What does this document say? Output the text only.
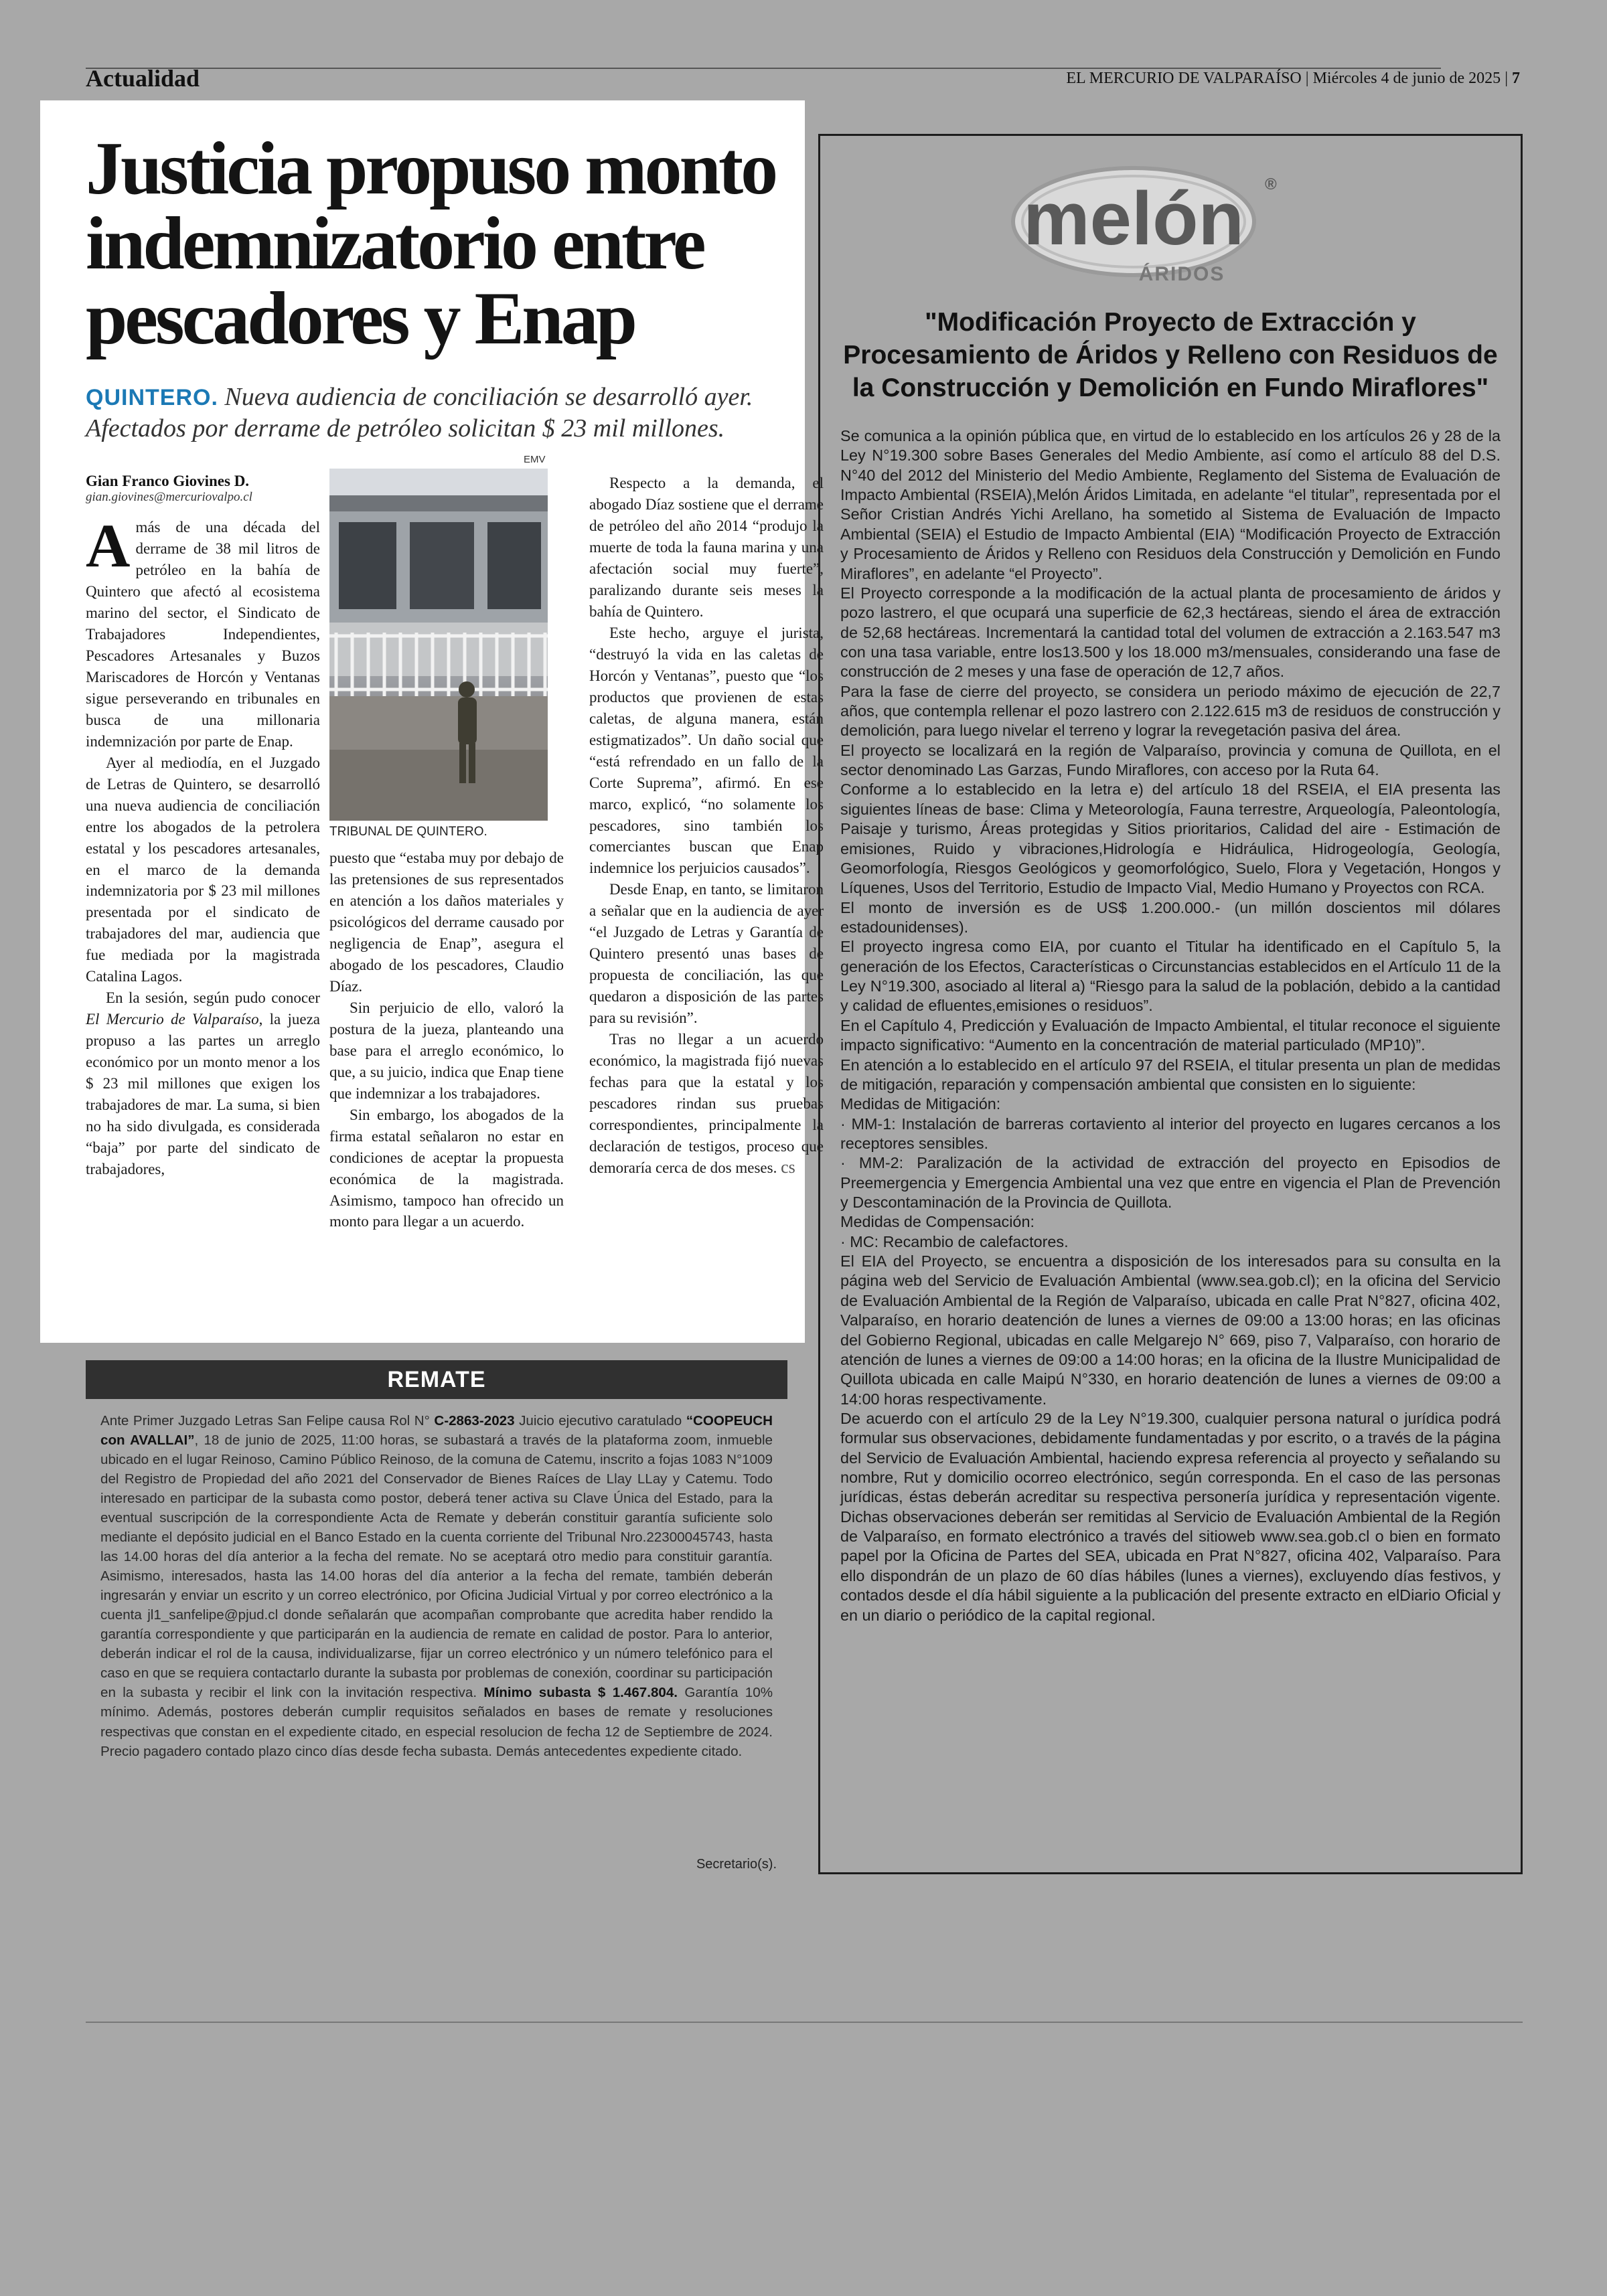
Actualidad	EL MERCURIO DE VALPARAÍSO | Miércoles 4 de junio de 2025 | 7
Justicia propuso monto indemnizatorio entre pescadores y Enap
QUINTERO. Nueva audiencia de conciliación se desarrolló ayer. Afectados por derrame de petróleo solicitan $ 23 mil millones.

Gian Franco Giovines D.

gian.giovines@mercuriovalpo.cl

Amás de una década del derrame de 38 mil litros de petróleo en la bahía de Quintero que afectó al ecosistema marino del sector, el Sindicato de Trabajadores Independientes, Pescadores Artesanales y Buzos Mariscadores de Horcón y Ventanas sigue perseverando en tribunales en busca de una millonaria indemnización por parte de Enap.

Ayer al mediodía, en el Juzgado de Letras de Quintero, se desarrolló una nueva audiencia de conciliación entre los abogados de la petrolera estatal y los pescadores artesanales, en el marco de la demanda indemnizatoria por $ 23 mil millones presentada por el sindicato de trabajadores del mar, audiencia que fue mediada por la magistrada Catalina Lagos.

En la sesión, según pudo conocer El Mercurio de Valparaíso, la jueza propuso a las partes un arreglo económico por un monto menor a los $ 23 mil millones que exigen los trabajadores de mar. La suma, si bien no ha sido divulgada, es considerada “baja” por parte del sindicato de trabajadores,

EMV
TRIBUNAL DE QUINTERO.

puesto que “estaba muy por debajo de las pretensiones de sus representados en atención a los daños materiales y psicológicos del derrame causado por negligencia de Enap”, asegura el abogado de los pescadores, Claudio Díaz.

Sin perjuicio de ello, valoró la postura de la jueza, planteando una base para el arreglo económico, lo que, a su juicio, indica que Enap tiene que indemnizar a los trabajadores.

Sin embargo, los abogados de la firma estatal señalaron no estar en condiciones de aceptar la propuesta económica de la magistrada. Asimismo, tampoco han ofrecido un monto para llegar a un acuerdo.

Respecto a la demanda, el abogado Díaz sostiene que el derrame de petróleo del año 2014 “produjo la muerte de toda la fauna marina y una afectación social muy fuerte”, paralizando durante seis meses la bahía de Quintero.

Este hecho, arguye el jurista, “destruyó la vida en las caletas de Horcón y Ventanas”, puesto que “los productos que provienen de estas caletas, de alguna manera, están estigmatizados”. Un daño social que “está refrendado en un fallo de la Corte Suprema”, afirmó. En ese marco, explicó, “no solamente los pescadores, sino también los comerciantes buscan que Enap indemnice los perjuicios causados”.

Desde Enap, en tanto, se limitaron a señalar que en la audiencia de ayer “el Juzgado de Letras y Garantía de Quintero presentó unas bases de propuesta de conciliación, las que quedaron a disposición de las partes para su revisión”.

Tras no llegar a un acuerdo económico, la magistrada fijó nuevas fechas para que la estatal y los pescadores rindan sus pruebas correspondientes, principalmente la declaración de testigos, proceso que demoraría cerca de dos meses. cs

REMATE
Ante Primer Juzgado Letras San Felipe causa Rol N° C-2863-2023 Juicio ejecutivo caratulado “COOPEUCH con AVALLAI”, 18 de junio de 2025, 11:00 horas, se subastará a través de la plataforma zoom, inmueble ubicado en el lugar Reinoso, Camino Público Reinoso, de la comuna de Catemu, inscrito a fojas 1083 N°1009 del Registro de Propiedad del año 2021 del Conservador de Bienes Raíces de Llay LLay y Catemu. Todo interesado en participar de la subasta como postor, deberá tener activa su Clave Única del Estado, para la eventual suscripción de la correspondiente Acta de Remate y deberán constituir garantía suficiente solo mediante el depósito judicial en el Banco Estado en la cuenta corriente del Tribunal Nro.22300045743, hasta las 14.00 horas del día anterior a la fecha del remate. No se aceptará otro medio para constituir garantía. Asimismo, interesados, hasta las 14.00 horas del día anterior a la fecha del remate, también deberán ingresarán y enviar un escrito y un correo electrónico, por Oficina Judicial Virtual y por correo electrónico a la cuenta jl1_sanfelipe@pjud.cl donde señalarán que acompañan comprobante que acredita haber rendido la garantía correspondiente y que participarán en la audiencia de remate en calidad de postor. Para lo anterior, deberán indicar el rol de la causa, individualizarse, fijar un correo electrónico y un número telefónico para el caso en que se requiera contactarlo durante la subasta por problemas de conexión, coordinar su participación en la subasta y recibir el link con la invitación respectiva. Mínimo subasta $ 1.467.804. Garantía 10% mínimo. Además, postores deberán cumplir requisitos señalados en bases de remate y resoluciones respectivas que constan en el expediente citado, en especial resolucion de fecha 12 de Septiembre de 2024. Precio pagadero contado plazo cinco días desde fecha subasta. Demás antecedentes expediente citado.
Secretario(s).
melón ®
ÁRIDOS
"Modificación Proyecto de Extracción y Procesamiento de Áridos y Relleno con Residuos de la Construcción y Demolición en Fundo Miraflores"

Se comunica a la opinión pública que, en virtud de lo establecido en los artículos 26 y 28 de la Ley N°19.300 sobre Bases Generales del Medio Ambiente, así como el artículo 88 del D.S. N°40 del 2012 del Ministerio del Medio Ambiente, Reglamento del Sistema de Evaluación de Impacto Ambiental (RSEIA),Melón Áridos Limitada, en adelante “el titular”, representada por el Señor Cristian Andrés Yichi Arellano, ha sometido al Sistema de Evaluación de Impacto Ambiental (SEIA) el Estudio de Impacto Ambiental (EIA) “Modificación Proyecto de Extracción y Procesamiento de Áridos y Relleno con Residuos dela Construcción y Demolición en Fundo Miraflores”, en adelante “el Proyecto”.

El Proyecto corresponde a la modificación de la actual planta de procesamiento de áridos y pozo lastrero, el que ocupará una superficie de 62,3 hectáreas, siendo el área de extracción de 52,68 hectáreas. Incrementará la cantidad total del volumen de extracción a 2.163.547 m3 con una tasa variable, entre los13.500 y los 18.000 m3/mensuales, considerando una fase de construcción de 2 meses y una fase de operación de 12,7 años.

Para la fase de cierre del proyecto, se considera un periodo máximo de ejecución de 22,7 años, que contempla rellenar el pozo lastrero con 2.122.615 m3 de residuos de construcción y demolición, para luego nivelar el terreno y lograr la revegetación pasiva del área.

El proyecto se localizará en la región de Valparaíso, provincia y comuna de Quillota, en el sector denominado Las Garzas, Fundo Miraflores, con acceso por la Ruta 64.

Conforme a lo establecido en la letra e) del artículo 18 del RSEIA, el EIA presenta las siguientes líneas de base: Clima y Meteorología, Fauna terrestre, Arqueología, Paleontología, Paisaje y turismo, Áreas protegidas y Sitios prioritarios, Calidad del aire - Estimación de emisiones, Ruido y vibraciones,Hidrología e Hidráulica, Hidrogeología, Geología, Geomorfología, Riesgos Geológicos y geomorfológico, Suelo, Flora y Vegetación, Hongos y Líquenes, Usos del Territorio, Estudio de Impacto Vial, Medio Humano y Proyectos con RCA.

El monto de inversión es de US$ 1.200.000.- (un millón doscientos mil dólares estadounidenses).

El proyecto ingresa como EIA, por cuanto el Titular ha identificado en el Capítulo 5, la generación de los Efectos, Características o Circunstancias establecidos en el Artículo 11 de la Ley N°19.300, asociado al literal a) “Riesgo para la salud de la población, debido a la cantidad y calidad de efluentes,emisiones o residuos”.

En el Capítulo 4, Predicción y Evaluación de Impacto Ambiental, el titular reconoce el siguiente impacto significativo: “Aumento en la concentración de material particulado (MP10)”.

En atención a lo establecido en el artículo 97 del RSEIA, el titular presenta un plan de medidas de mitigación, reparación y compensación ambiental que consisten en lo siguiente:

Medidas de Mitigación:

· MM-1: Instalación de barreras cortaviento al interior del proyecto en lugares cercanos a los receptores sensibles.

· MM-2: Paralización de la actividad de extracción del proyecto en Episodios de Preemergencia y Emergencia Ambiental una vez que entre en vigencia el Plan de Prevención y Descontaminación de la Provincia de Quillota.

Medidas de Compensación:

· MC: Recambio de calefactores.

El EIA del Proyecto, se encuentra a disposición de los interesados para su consulta en la página web del Servicio de Evaluación Ambiental (www.sea.gob.cl); en la oficina del Servicio de Evaluación Ambiental de la Región de Valparaíso, ubicada en calle Prat N°827, oficina 402, Valparaíso, en horario deatención de lunes a viernes de 09:00 a 13:00 horas; en las oficinas del Gobierno Regional, ubicadas en calle Melgarejo N° 669, piso 7, Valparaíso, con horario de atención de lunes a viernes de 09:00 a 14:00 horas; en la oficina de la Ilustre Municipalidad de Quillota ubicada en calle Maipú N°330, en horario deatención de lunes a viernes de 09:00 a 14:00 horas respectivamente.

De acuerdo con el artículo 29 de la Ley N°19.300, cualquier persona natural o jurídica podrá formular sus observaciones, debidamente fundamentadas y por escrito, o a través de la página del Servicio de Evaluación Ambiental, haciendo expresa referencia al proyecto y señalando su nombre, Rut y domicilio ocorreo electrónico, según corresponda. En el caso de las personas jurídicas, éstas deberán acreditar su respectiva personería jurídica y representación vigente. Dichas observaciones deberán ser remitidas al Servicio de Evaluación Ambiental de la Región de Valparaíso, en formato electrónico a través del sitioweb www.sea.gob.cl o bien en formato papel por la Oficina de Partes del SEA, ubicada en Prat N°827, oficina 402, Valparaíso. Para ello dispondrán de un plazo de 60 días hábiles (lunes a viernes), excluyendo días festivos, y contados desde el día hábil siguiente a la publicación del presente extracto en elDiario Oficial y en un diario o periódico de la capital regional.
